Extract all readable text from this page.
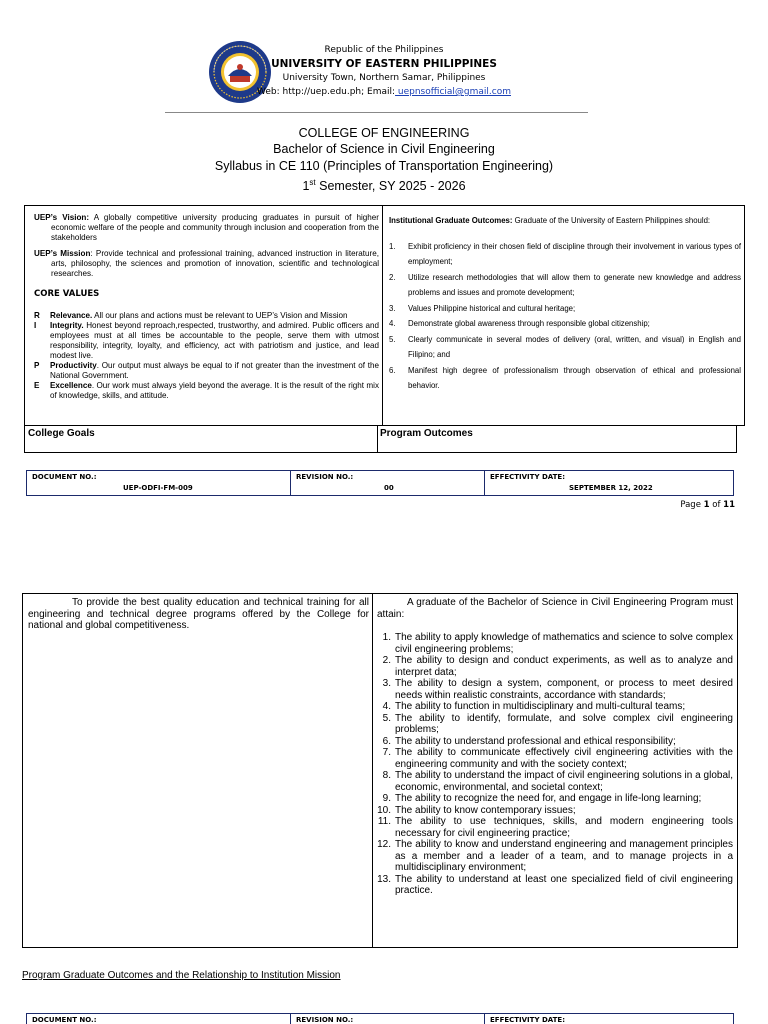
Republic of the Philippines
UNIVERSITY OF EASTERN PHILIPPINES
University Town, Northern Samar, Philippines
Web: http://uep.edu.ph; Email: uepnsofficial@gmail.com
COLLEGE OF ENGINEERING
Bachelor of Science in Civil Engineering
Syllabus in CE 110 (Principles of Transportation Engineering)
1st Semester, SY 2025 - 2026

UEP’s Vision: A globally competitive university producing graduates in pursuit of higher economic welfare of the people and community through inclusion and cooperation from the stakeholders

UEP’s Mission: Provide technical and professional training, advanced instruction in literature, arts, philosophy, the sciences and promotion of innovation, scientific and technological researches.

CORE VALUES
R	Relevance. All our plans and actions must be relevant to UEP’s Vision and Mission
I	Integrity. Honest beyond reproach,respected, trustworthy, and admired. Public officers and employees must at all times be accountable to the people, serve them with utmost responsibility, integrity, loyalty, and efficiency, act with patriotism and justice, and lead modest live.
P	Productivity. Our output must always be equal to if not greater than the investment of the National Government.
E	Excellence. Our work must always yield beyond the average. It is the result of the right mix of knowledge, skills, and attitude.
Institutional Graduate Outcomes: Graduate of the University of Eastern Philippines should:
1.	Exhibit proficiency in their chosen field of discipline through their involvement in various types of employment;
2.	Utilize research methodologies that will allow them to generate new knowledge and address problems and issues and promote development;
3.	Values Philippine historical and cultural heritage;
4.	Demonstrate global awareness through responsible global citizenship;
5.	Clearly communicate in several modes of delivery (oral, written, and visual) in English and Filipino; and
6.	Manifest high degree of professionalism through observation of ethical and professional behavior.
College Goals	Program Outcomes
DOCUMENT NO.:
UEP-ODFI-FM-009
REVISION NO.:
00
EFFECTIVITY DATE:
SEPTEMBER 12, 2022
Page 1 of 11
To provide the best quality education and technical training for all engineering and technical degree programs offered by the College for national and global competitiveness.
A graduate of the Bachelor of Science in Civil Engineering Program must attain:
1. The ability to apply knowledge of mathematics and science to solve complex civil engineering problems;
2. The ability to design and conduct experiments, as well as to analyze and interpret data;
3. The ability to design a system, component, or process to meet desired needs within realistic constraints, accordance with standards;
4. The ability to function in multidisciplinary and multi-cultural teams;
5. The ability to identify, formulate, and solve complex civil engineering problems;
6. The ability to understand professional and ethical responsibility;
7. The ability to communicate effectively civil engineering activities with the engineering community and with the society context;
8. The ability to understand the impact of civil engineering solutions in a global, economic, environmental, and societal context;
9. The ability to recognize the need for, and engage in life-long learning;
10. The ability to know contemporary issues;
11. The ability to use techniques, skills, and modern engineering tools necessary for civil engineering practice;
12. The ability to know and understand engineering and management principles as a member and a leader of a team, and to manage projects in a multidisciplinary environment;
13. The ability to understand at least one specialized field of civil engineering practice.
Program Graduate Outcomes and the Relationship to Institution Mission
DOCUMENT NO.:	REVISION NO.:	EFFECTIVITY DATE:
